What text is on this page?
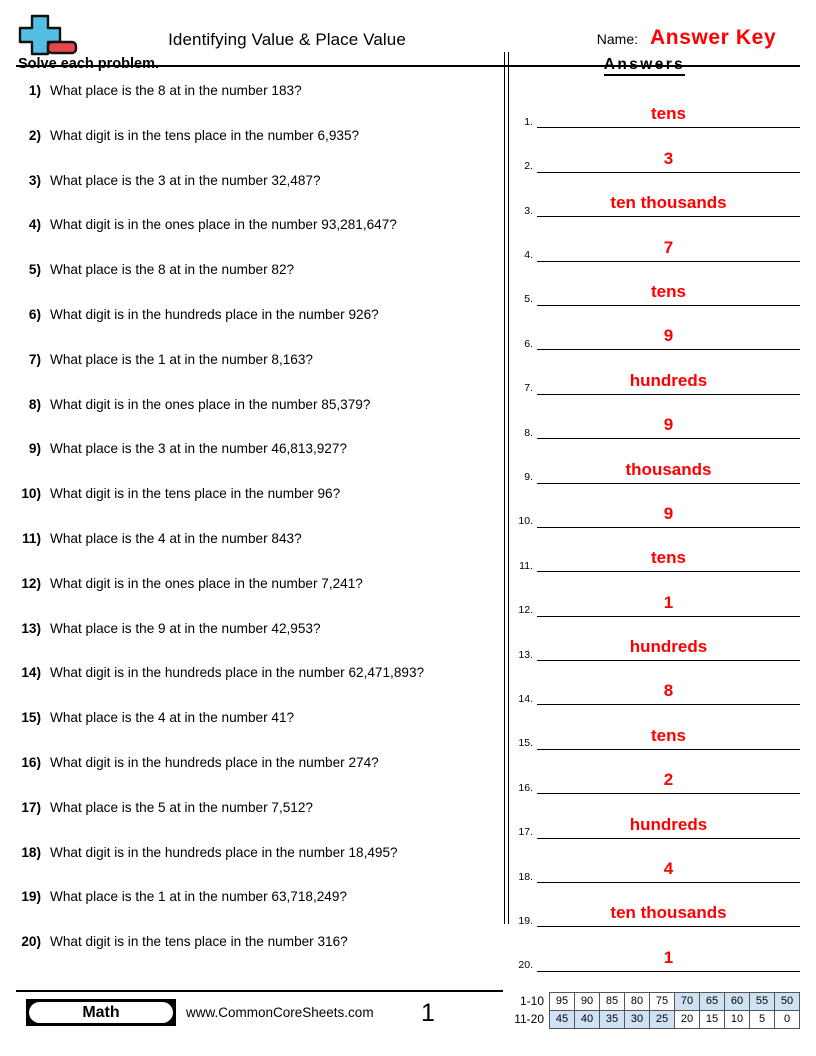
Identifying Value & Place Value	Name: Answer Key
Solve each problem.
1) What place is the 8 at in the number 183?
2) What digit is in the tens place in the number 6,935?
3) What place is the 3 at in the number 32,487?
4) What digit is in the ones place in the number 93,281,647?
5) What place is the 8 at in the number 82?
6) What digit is in the hundreds place in the number 926?
7) What place is the 1 at in the number 8,163?
8) What digit is in the ones place in the number 85,379?
9) What place is the 3 at in the number 46,813,927?
10) What digit is in the tens place in the number 96?
11) What place is the 4 at in the number 843?
12) What digit is in the ones place in the number 7,241?
13) What place is the 9 at in the number 42,953?
14) What digit is in the hundreds place in the number 62,471,893?
15) What place is the 4 at in the number 41?
16) What digit is in the hundreds place in the number 274?
17) What place is the 5 at in the number 7,512?
18) What digit is in the hundreds place in the number 18,495?
19) What place is the 1 at in the number 63,718,249?
20) What digit is in the tens place in the number 316?
Answers
1.	tens
2.	3
3.	ten thousands
4.	7
5.	tens
6.	9
7.	hundreds
8.	9
9.	thousands
10.	9
11.	tens
12.	1
13.	hundreds
14.	8
15.	tens
16.	2
17.	hundreds
18.	4
19.	ten thousands
20.	1
Math	www.CommonCoreSheets.com 1	1-10	95	90	85	80	75	70	65	60	55	50
11-20	45	40	35	30	25	20	15	10	5	0
